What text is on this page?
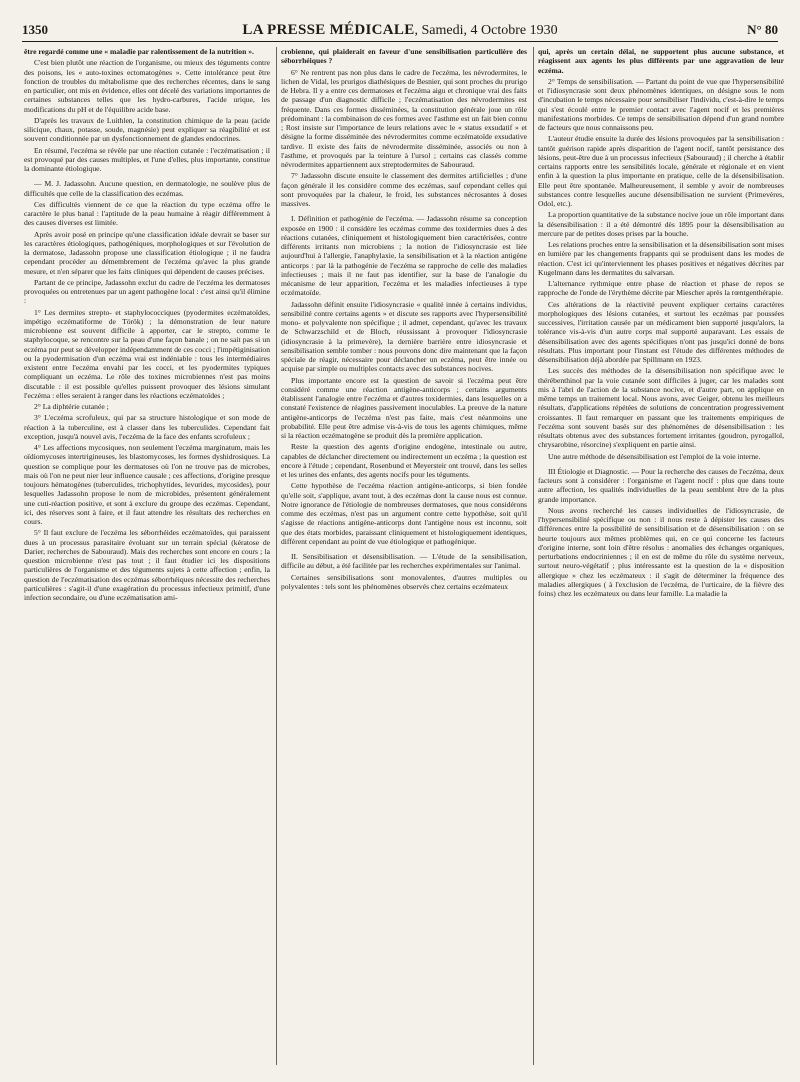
1350	LA PRESSE MÉDICALE, Samedi, 4 Octobre 1930	N° 80

être regardé comme une « maladie par ralentissement de la nutrition ».

C'est bien plutôt une réaction de l'organisme, ou mieux des téguments contre des poisons, les « auto-toxines ectomatogènes ». Cette intolérance peut être fonction de troubles du métabolisme que des recherches récentes, dans le sang en particulier, ont mis en évidence, elles ont décelé des variations importantes de certaines substances telles que les hydro-carbures, l'acide urique, les modifications du pH et de l'équilibre acide base.

D'après les travaux de Luithlen, la constitution chimique de la peau (acide silicique, chaux, potasse, soude, magnésie) peut expliquer sa réagibilité et est souvent conditionnée par un dysfonctionnement de glandes endocrines.

En résumé, l'eczéma se révèle par une réaction cutanée : l'eczématisation ; il est provoqué par des causes multiples, et l'une d'elles, plus importante, constitue la dominante étiologique.

— M. J. Jadassohn. Aucune question, en dermatologie, ne soulève plus de difficultés que celle de la classification des eczémas.

Ces difficultés viennent de ce que la réaction du type eczéma offre le caractère le plus banal : l'aptitude de la peau humaine à réagir différemment à des causes diverses est limitée.

Après avoir posé en principe qu'une classification idéale devrait se baser sur les caractères étiologiques, pathogéniques, morphologiques et sur l'évolution de la dermatose, Jadassohn propose une classification étiologique ; il ne faudra cependant procéder au démembrement de l'eczéma qu'avec la plus grande mesure, et n'en séparer que les faits cliniques qui dépendent de causes précises.

Partant de ce principe, Jadassohn exclut du cadre de l'eczéma les dermatoses provoquées ou entretenues par un agent pathogène local : c'est ainsi qu'il élimine :

1° Les dermites strepto- et staphylococciques (pyodermites eczématoïdes, impétigo eczématiforme de Török) ; la démonstration de leur nature microbienne est souvent difficile à apporter, car le strepto, comme le staphylocoque, se rencontre sur la peau d'une façon banale ; on ne sait pas si un eczéma pur peut se développer indépendamment de ces cocci ; l'impétiginisation ou la pyodermisation d'un eczéma vrai est indéniable : tous les intermédiaires existent entre l'eczéma envahi par les cocci, et les pyodermites typiques compliquant un eczéma. Le rôle des toxines microbiennes n'est pas moins discutable : il est possible qu'elles puissent provoquer des lésions simulant l'eczéma : elles seraient à ranger dans les réactions eczématoïdes ;

2° La diphtérie cutanée ;

3° L'eczéma scrofuleux, qui par sa structure histologique et son mode de réaction à la tuberculine, est à classer dans les tuberculides. Cependant fait exception, jusqu'à nouvel avis, l'eczéma de la face des enfants scrofuleux ;

4° Les affections mycosiques, non seulement l'eczéma marginatum, mais les oïdiomycoses intertrigineuses, les blastomycoses, les formes dyshidrosiques. La question se complique pour les dermatoses où l'on ne trouve pas de microbes, mais où l'on ne peut nier leur influence causale ; ces affections, d'origine presque toujours hématogènes (tuberculides, trichophytides, levurides, mycosides), pour lesquelles Jadassohn propose le nom de microbides, présentent généralement une cuti-réaction positive, et sont à exclure du groupe des eczémas. Cependant, ici, des réserves sont à faire, et il faut attendre les résultats des recherches en cours.

5° Il faut exclure de l'eczéma les séborrhéides eczématoïdes, qui paraissent dues à un processus parasitaire évoluant sur un terrain spécial (kératose de Darier, recherches de Sabouraud). Mais des recherches sont encore en cours ; la question microbienne n'est pas tout ; il faut étudier ici les dispositions particulières de l'organisme et des téguments sujets à cette affection ; enfin, la question de l'eczématisation des eczémas séborrhéiques nécessite des recherches particulières : s'agit-il d'une exagération du processus infectieux primitif, d'une infection secondaire, ou d'une eczématisation ami-

crobienne, qui plaiderait en faveur d'une sensibilisation particulière des séborrhéiques ?

6° Ne rentrent pas non plus dans le cadre de l'eczéma, les névrodermites, le lichen de Vidal, les prurigos diathésiques de Besnier, qui sont proches du prurigo de Hebra. Il y a entre ces dermatoses et l'eczéma aigu et chronique vrai des faits de passage d'un diagnostic difficile ; l'eczématisation des névrodermites est fréquente. Dans ces formes disséminées, la constitution générale joue un rôle prédominant : la combinaison de ces formes avec l'asthme est un fait bien connu ; Rost insiste sur l'importance de leurs relations avec le « status exsudatif » et désigne la forme disséminée des névrodermites comme eczématoïde exsudative tardive. Il existe des faits de névrodermite disséminée, associés ou non à l'asthme, et provoqués par la teinture à l'ursol ; certains cas classés comme névrodermites appartiennent aux streptodermites de Sabouraud.

7° Jadassohn discute ensuite le classement des dermites artificielles ; d'une façon générale il les considère comme des eczémas, sauf cependant celles qui sont provoquées par la chaleur, le froid, les substances nécrosantes à doses massives.

I. Définition et pathogénie de l'eczéma. — Jadassohn résume sa conception exposée en 1900 : il considère les eczémas comme des toxidermies dues à des réactions cutanées, cliniquement et histologiquement bien caractérisées, contre différents irritants non microbiens ; la notion de l'idiosyncrasie est liée aujourd'hui à l'allergie, l'anaphylaxie, la sensibilisation et à la réaction antigène anticorps : par là la pathogénie de l'eczéma se rapproche de celle des maladies infectieuses ; mais il ne faut pas identifier, sur la base de l'analogie du mécanisme de leur apparition, l'eczéma et les maladies infectieuses à type eczématoïde.

Jadassohn définit ensuite l'idiosyncrasie « qualité innée à certains individus, sensibilité contre certains agents » et discute ses rapports avec l'hypersensibilité mono- et polyvalente non spécifique ; il admet, cependant, qu'avec les travaux de Schwarzschild et de Bloch, réussissant à provoquer l'idiosyncrasie (idiosyncrasie à la primevère), la dernière barrière entre idiosyncrasie et sensibilisation semble tomber : nous pouvons donc dire maintenant que la façon spéciale de réagir, nécessaire pour déclancher un eczéma, peut être innée ou acquise par simple ou multiples contacts avec des substances nocives.

Plus importante encore est la question de savoir si l'eczéma peut être considéré comme une réaction antigène-anticorps ; certains arguments établissent l'analogie entre l'eczéma et d'autres toxidermies, dans lesquelles on a constaté l'existence de réagines passivement inoculables. La preuve de la nature antigène-anticorps de l'eczéma n'est pas faite, mais c'est néanmoins une probabilité. Elle peut être admise vis-à-vis de tous les agents chimiques, même si la réaction eczématogène se produit dès la première application.

Reste la question des agents d'origine endogène, intestinale ou autre, capables de déclancher directement ou indirectement un eczéma ; la question est encore à l'étude ; cependant, Rosenbund et Meyersteir ont trouvé, dans les selles et les urines des enfants, des agents nocifs pour les téguments.

Cette hypothèse de l'eczéma réaction antigène-anticorps, si bien fondée qu'elle soit, s'applique, avant tout, à des eczémas dont la cause nous est connue. Notre ignorance de l'étiologie de nombreuses dermatoses, que nous considérons comme des eczémas, n'est pas un argument contre cette hypothèse, soit qu'il s'agisse de réactions antigène-anticorps dont l'antigène nous est inconnu, soit que des états morbides, paraissant cliniquement et histologiquement identiques, diffèrent cependant au point de vue étiologique et pathogénique.

II. Sensibilisation et désensibilisation. — L'étude de la sensibilisation, difficile au début, a été facilitée par les recherches expérimentales sur l'animal.

Certaines sensibilisations sont monovalentes, d'autres multiples ou polyvalentes : tels sont les phénomènes observés chez certains eczémateux

qui, après un certain délai, ne supportent plus aucune substance, et réagissent aux agents les plus différents par une aggravation de leur eczéma.

2° Temps de sensibilisation. — Partant du point de vue que l'hypersensibilité et l'idiosyncrasie sont deux phénomènes identiques, on désigne sous le nom d'incubation le temps nécessaire pour sensibiliser l'individu, c'est-à-dire le temps qui s'est écoulé entre le premier contact avec l'agent nocif et les premières manifestations morbides. Ce temps de sensibilisation dépend d'un grand nombre de facteurs que nous connaissons peu.

L'auteur étudie ensuite la durée des lésions provoquées par la sensibilisation : tantôt guérison rapide après disparition de l'agent nocif, tantôt persistance des lésions, peut-être due à un processus infectieux (Sabouraud) ; il cherche à établir certains rapports entre les sensibilités locale, générale et régionale et en vient enfin à la question la plus importante en pratique, celle de la désensibilisation. Elle peut être spontanée. Malheureusement, il semble y avoir de nombreuses substances contre lesquelles aucune désensibilisation ne survient (Primevères, Odol, etc.).

La proportion quantitative de la substance nocive joue un rôle important dans la désensibilisation : il a été démontré dès 1895 pour la désensibilisation au mercure par de petites doses prises par la bouche.

Les relations proches entre la sensibilisation et la désensibilisation sont mises en lumière par les changements frappants qui se produisent dans les modes de réaction. C'est ici qu'interviennent les phases positives et négatives décrites par Kugelmann dans les dermatites du salvarsan.

L'alternance rythmique entre phase de réaction et phase de repos se rapproche de l'onde de l'érythème décrite par Miescher après la rœntgenthérapie.

Ces altérations de la réactivité peuvent expliquer certains caractères morphologiques des lésions cutanées, et surtout les eczémas par poussées successives, l'irritation causée par un médicament bien supporté jusqu'alors, la tolérance vis-à-vis d'un autre corps mal supporté auparavant. Les essais de désensibilisation avec des agents spécifiques n'ont pas jusqu'ici donné de bons résultats. Plus important pour l'instant est l'étude des différentes méthodes de désensibilisation déjà abordée par Spillmann en 1923.

Les succès des méthodes de la désensibilisation non spécifique avec le thérébenthinol par la voie cutanée sont difficiles à juger, car les malades sont mis à l'abri de l'action de la substance nocive, et d'autre part, on applique en même temps un traitement local. Nous avons, avec Geiger, obtenu les meilleurs résultats, d'applications répétées de solutions de concentration progressivement croissantes. Il faut remarquer en passant que les traitements empiriques de l'eczéma sont souvent basés sur des phénomènes de désensibilisation : les résultats obtenus avec des substances fortement irritantes (goudron, pyrogallol, chrysarobine, résorcine) s'expliquent en partie ainsi.

Une autre méthode de désensibilisation est l'emploi de la voie interne.

III Étiologie et Diagnostic. — Pour la recherche des causes de l'eczéma, deux facteurs sont à considérer : l'organisme et l'agent nocif : plus que dans toute autre affection, les qualités individuelles de la peau semblent être de la plus grande importance.

Nous avons recherché les causes individuelles de l'idiosyncrasie, de l'hypersensibilité spécifique ou non : il nous reste à dépister les causes des différences entre la possibilité de sensibilisation et de désensibilisation : on se heurte toujours aux mêmes problèmes qui, en ce qui concerne les facteurs d'origine interne, sont loin d'être résolus : anomalies des échanges organiques, perturbations endocriniennes ; il en est de même du rôle du système nerveux, surtout neuro-végétatif ; plus intéressante est la question de la « disposition allergique » chez les eczémateux : il s'agit de déterminer la fréquence des maladies allergiques ( à l'exclusion de l'eczéma, de l'urticaire, de la fièvre des foins) chez les eczémateux ou dans leur famille. La maladie la
